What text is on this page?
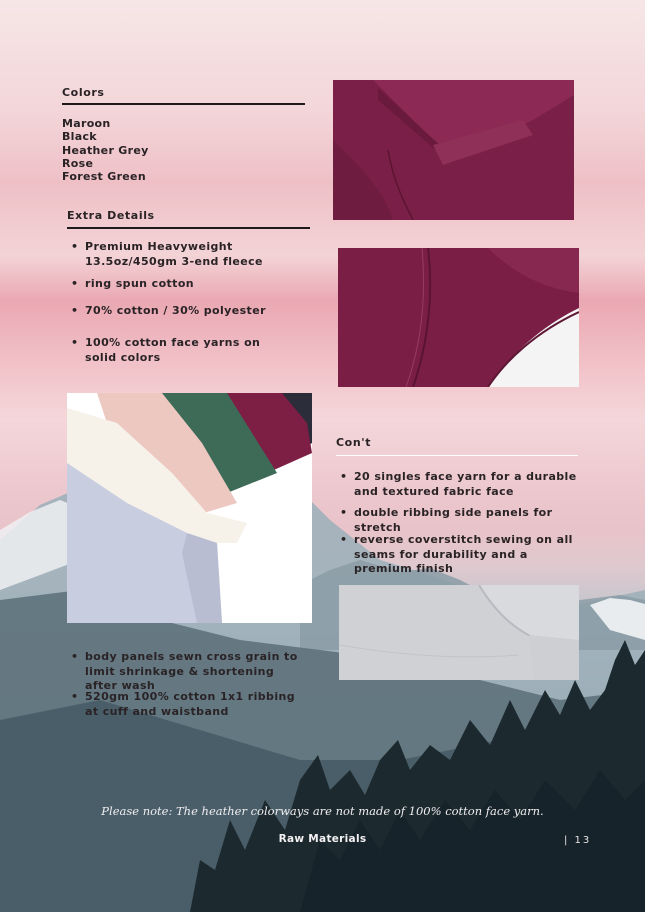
Colors
Maroon
Black
Heather Grey
Rose
Forest Green
Extra Details
• Premium Heavyweight 13.5oz/450gm 3-end fleece
• ring spun cotton
• 70% cotton / 30% polyester
• 100% cotton face yarns on solid colors
Con't
• 20 singles face yarn for a durable and textured fabric face
• double ribbing side panels for stretch
• reverse coverstitch sewing on all seams for durability and a premium finish
• body panels sewn cross grain to limit shrinkage & shortening after wash
• 520gm 100% cotton 1x1 ribbing at cuff and waistband
Please note: The heather colorways are not made of 100% cotton face yarn.
Raw Materials	| 13
